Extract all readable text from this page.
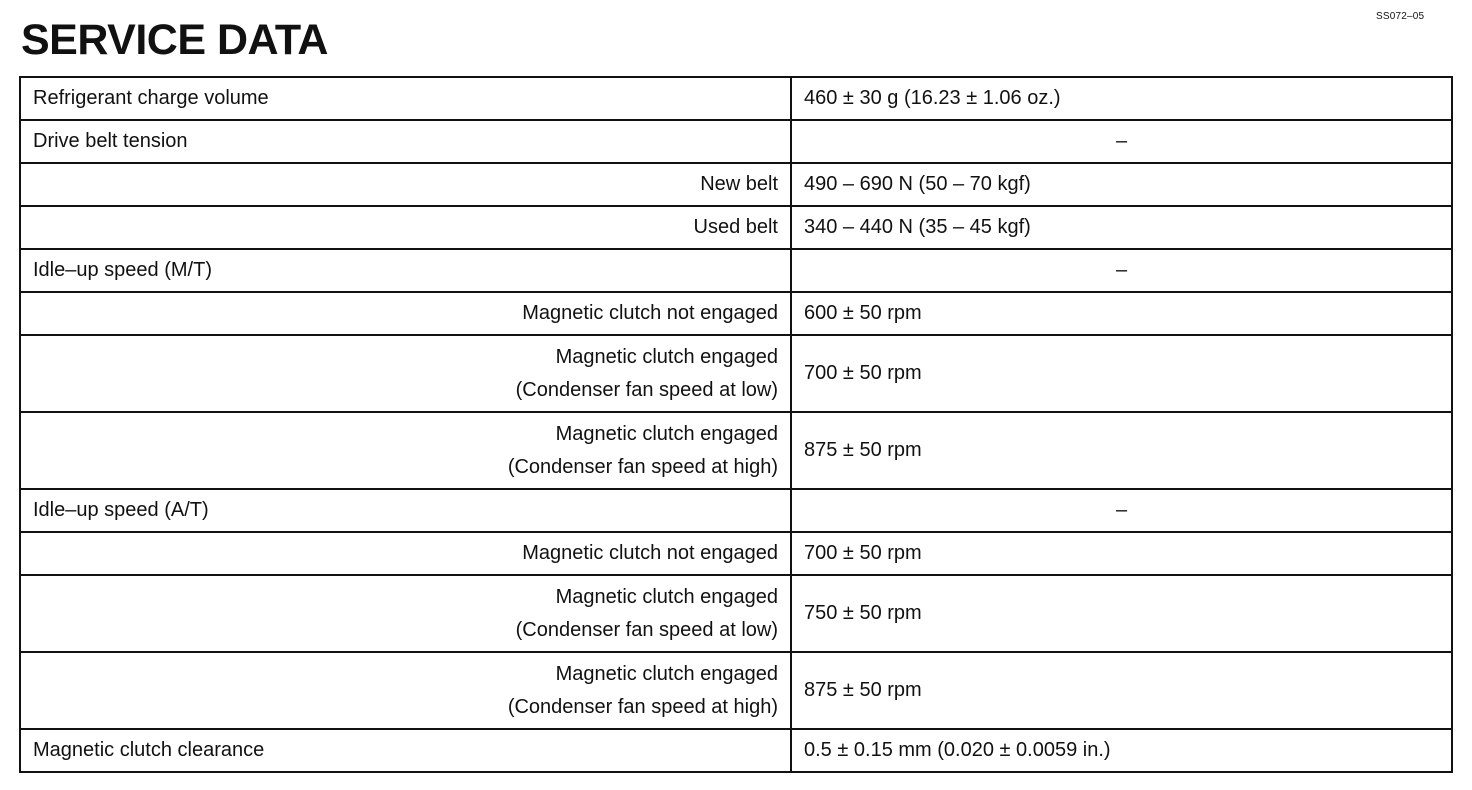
SS072–05
SERVICE DATA
Refrigerant charge volume	460 ± 30 g (16.23 ± 1.06 oz.)
Drive belt tension	–
New belt	490 – 690 N (50 – 70 kgf)
Used belt	340 – 440 N (35 – 45 kgf)
Idle–up speed (M/T)	–
Magnetic clutch not engaged	600 ± 50 rpm

Magnetic clutch engaged
(Condenser fan speed at low)	700 ± 50 rpm

Magnetic clutch engaged
(Condenser fan speed at high)	875 ± 50 rpm
Idle–up speed (A/T)	–
Magnetic clutch not engaged	700 ± 50 rpm

Magnetic clutch engaged
(Condenser fan speed at low)	750 ± 50 rpm

Magnetic clutch engaged
(Condenser fan speed at high)	875 ± 50 rpm
Magnetic clutch clearance	0.5 ± 0.15 mm (0.020 ± 0.0059 in.)
